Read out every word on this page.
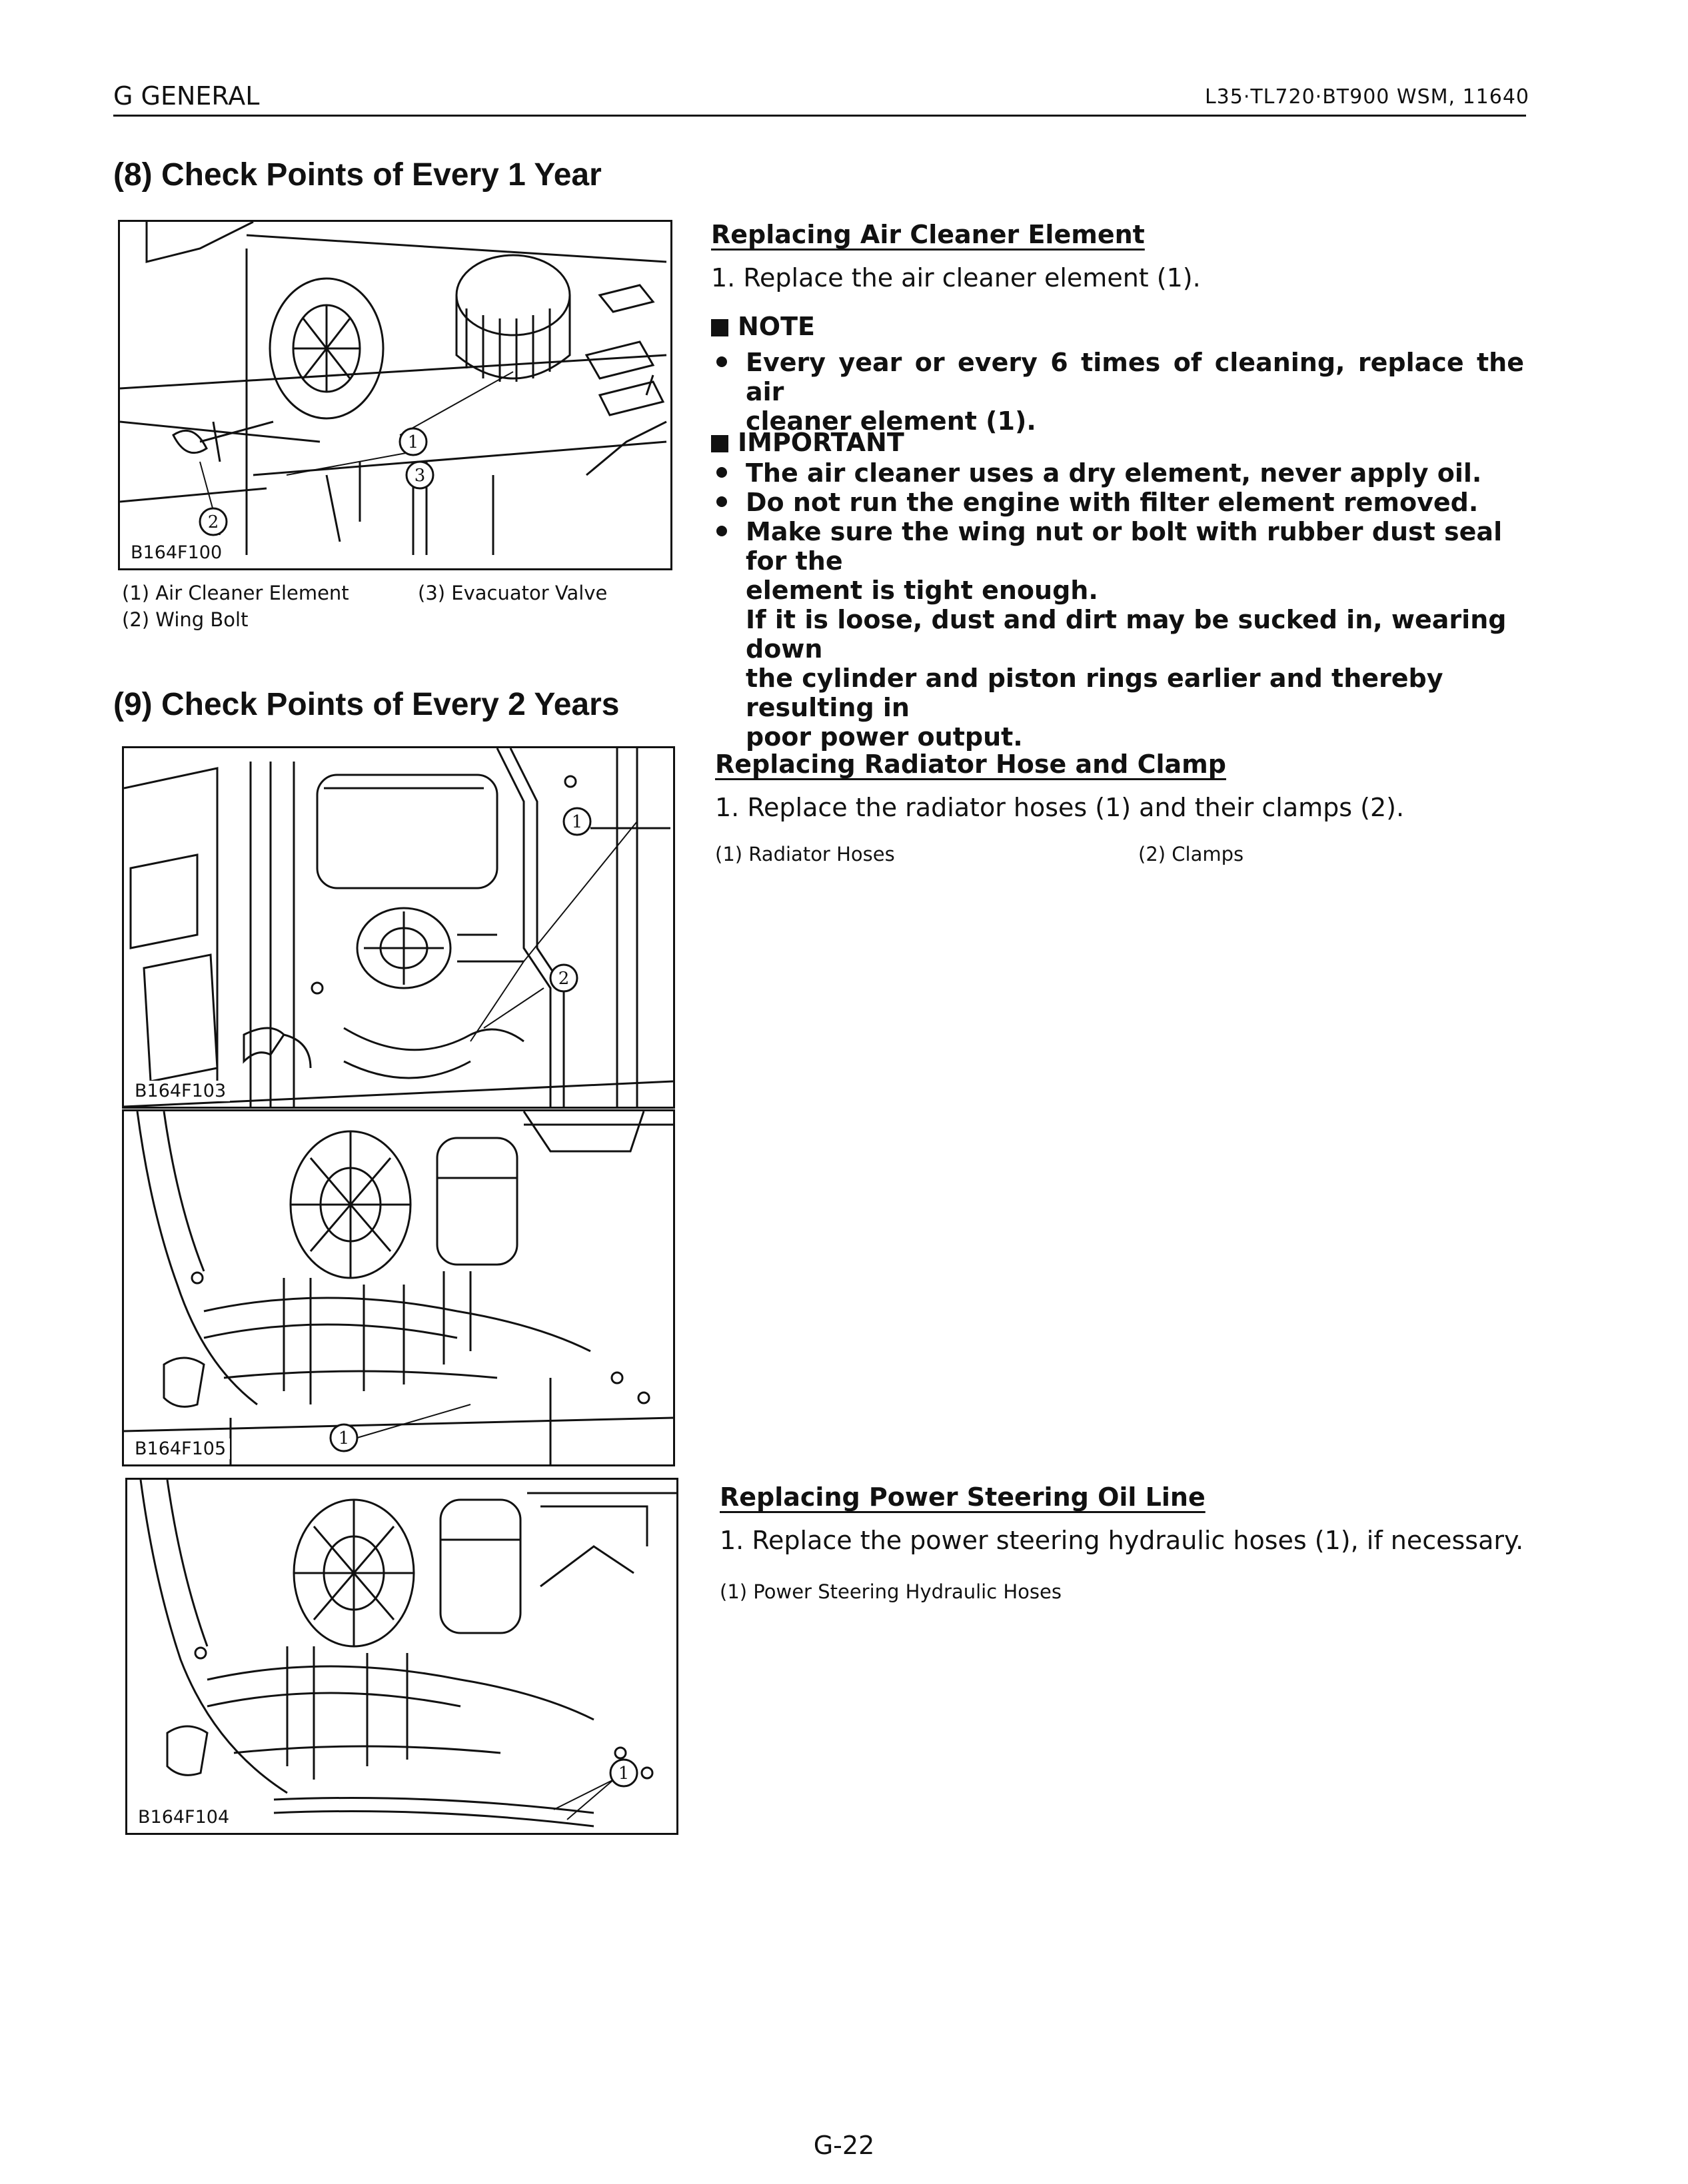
G GENERAL	L35·TL720·BT900 WSM, 11640
(8) Check Points of Every 1 Year
1
3
2
B164F100
(1) Air Cleaner Element	(3) Evacuator Valve
(2) Wing Bolt
Replacing Air Cleaner Element
1. Replace the air cleaner element (1).
NOTE
Every year or every 6 times of cleaning, replace the air
cleaner element (1).
IMPORTANT
The air cleaner uses a dry element, never apply oil.
Do not run the engine with filter element removed.
Make sure the wing nut or bolt with rubber dust seal for the
element is tight enough.
If it is loose, dust and dirt may be sucked in, wearing down
the cylinder and piston rings earlier and thereby resulting in
poor power output.
(9) Check Points of Every 2 Years
1
2
B164F103
1
B164F105
1
B164F104
Replacing Radiator Hose and Clamp
1. Replace the radiator hoses (1) and their clamps (2).
(1) Radiator Hoses	(2) Clamps
Replacing Power Steering Oil Line
1. Replace the power steering hydraulic hoses (1), if necessary.
(1) Power Steering Hydraulic Hoses
G-22
